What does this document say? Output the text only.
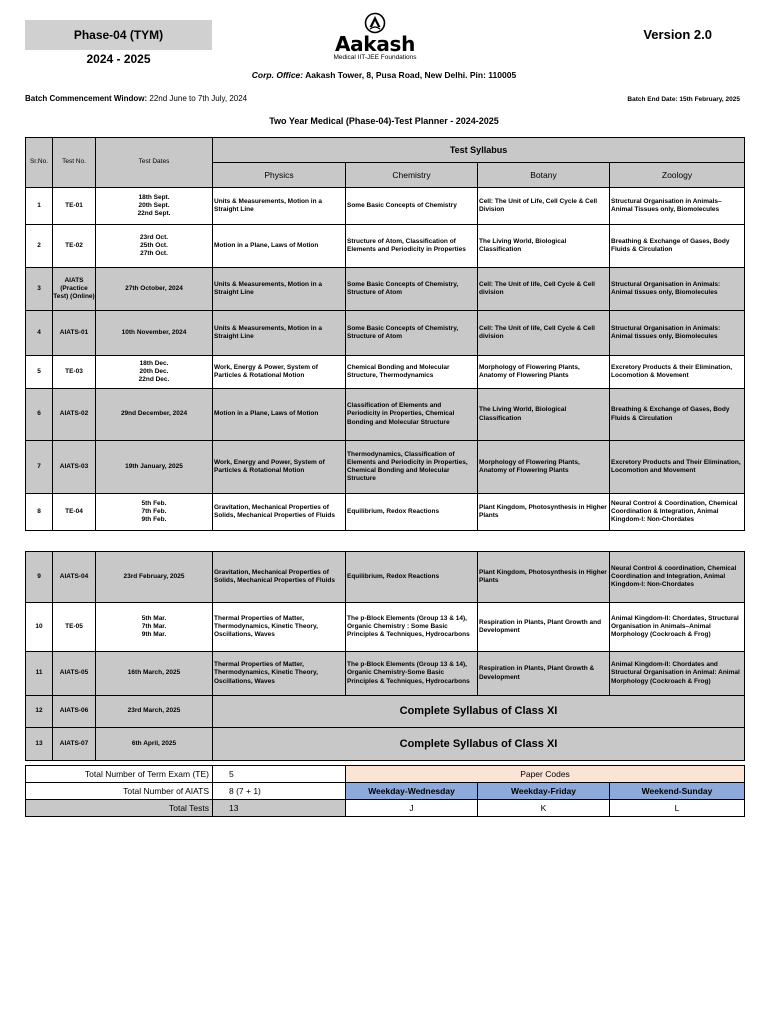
Phase-04 (TYM)
2024 - 2025
Aakash
Medical IIT-JEE Foundations
Version 2.0
Corp. Office: Aakash Tower, 8, Pusa Road, New Delhi. Pin: 110005
Batch Commencement Window: 22nd June to 7th July, 2024	Batch End Date: 15th February, 2025
Two Year Medical (Phase-04)-Test Planner - 2024-2025
Sr.No.	Test No.	Test Dates	Test Syllabus			
			Physics	Chemistry	Botany	Zoology
1	TE-01	18th Sept.
20th Sept.
22nd Sept.	Units & Measurements, Motion in a Straight Line	Some Basic Concepts of Chemistry	Cell: The Unit of Life, Cell Cycle & Cell Division	Structural Organisation in Animals–Animal Tissues only, Biomolecules
2	TE-02	23rd Oct.
25th Oct.
27th Oct.	Motion in a Plane, Laws of Motion	Structure of Atom, Classification of Elements and Periodicity in Properties	The Living World, Biological Classification	Breathing & Exchange of Gases, Body Fluids & Circulation
3	AIATS (Practice Test) (Online)	27th October, 2024	Units & Measurements, Motion in a Straight Line	Some Basic Concepts of Chemistry, Structure of Atom	Cell: The Unit of life, Cell Cycle & Cell division	Structural Organisation in Animals: Animal tissues only, Biomolecules
4	AIATS-01	10th November, 2024	Units & Measurements, Motion in a Straight Line	Some Basic Concepts of Chemistry, Structure of Atom	Cell: The Unit of life, Cell Cycle & Cell division	Structural Organisation in Animals: Animal tissues only, Biomolecules
5	TE-03	18th Dec.
20th Dec.
22nd Dec.	Work, Energy & Power, System of Particles & Rotational Motion	Chemical Bonding and Molecular Structure, Thermodynamics	Morphology of Flowering Plants, Anatomy of Flowering Plants	Excretory Products & their Elimination, Locomotion & Movement
6	AIATS-02	29nd December, 2024	Motion in a Plane, Laws of Motion	Classification of Elements and Periodicity in Properties, Chemical Bonding and Molecular Structure	The Living World, Biological Classification	Breathing & Exchange of Gases, Body Fluids & Circulation
7	AIATS-03	19th January, 2025	Work, Energy and Power, System of Particles & Rotational Motion	Thermodynamics, Classification of Elements and Periodicity in Properties, Chemical Bonding and Molecular Structure	Morphology of Flowering Plants, Anatomy of Flowering Plants	Excretory Products and Their Elimination, Locomotion and Movement
8	TE-04	5th Feb.
7th Feb.
9th Feb.	Gravitation, Mechanical Properties of Solids, Mechanical Properties of Fluids	Equilibrium, Redox Reactions	Plant Kingdom, Photosynthesis in Higher Plants	Neural Control & Coordination, Chemical Coordination & Integration, Animal Kingdom-I: Non-Chordates
9	AIATS-04	23rd February, 2025	Gravitation, Mechanical Properties of Solids, Mechanical Properties of Fluids	Equilibrium, Redox Reactions	Plant Kingdom, Photosynthesis in Higher Plants	Neural Control & coordination, Chemical Coordination and Integration, Animal Kingdom-I: Non-Chordates
10	TE-05	5th Mar.
7th Mar.
9th Mar.	Thermal Properties of Matter, Thermodynamics, Kinetic Theory, Oscillations, Waves	The p-Block Elements (Group 13 & 14), Organic Chemistry : Some Basic Principles & Techniques, Hydrocarbons	Respiration in Plants, Plant Growth and Development	Animal Kingdom-II: Chordates, Structural Organisation in Animals–Animal Morphology (Cockroach & Frog)
11	AIATS-05	16th March, 2025	Thermal Properties of Matter, Thermodynamics, Kinetic Theory, Oscillations, Waves	The p-Block Elements (Group 13 & 14), Organic Chemistry-Some Basic Principles & Techniques, Hydrocarbons	Respiration in Plants, Plant Growth & Development	Animal Kingdom-II: Chordates and Structural Organisation in Animal: Animal Morphology (Cockroach & Frog)
12	AIATS-06	23rd March, 2025	Complete Syllabus of Class XI			
13	AIATS-07	6th April, 2025	Complete Syllabus of Class XI			
Total Number of Term Exam (TE)	5	Paper Codes		
Total Number of AIATS	8 (7 + 1)	Weekday-Wednesday	Weekday-Friday	Weekend-Sunday
Total Tests	13	J	K	L
